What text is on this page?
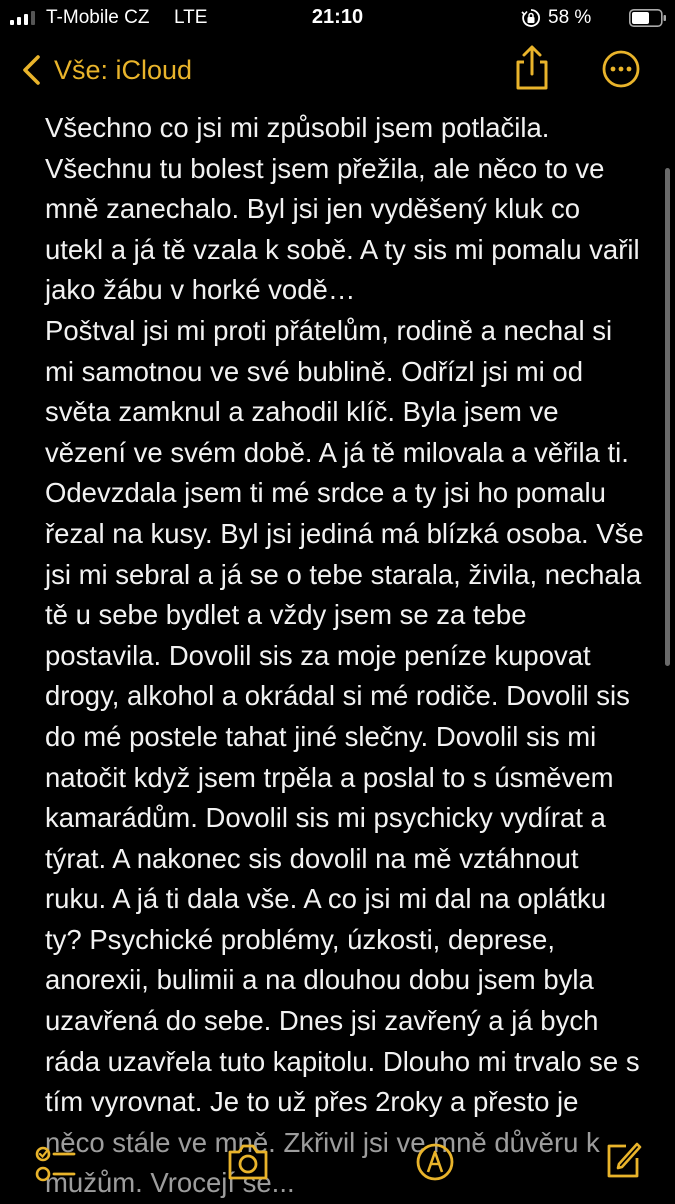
T-Mobile CZ LTE	21:10	58 %
Vše: iCloud
Všechno co jsi mi způsobil jsem potlačila. Všechnu tu bolest jsem přežila, ale něco to ve mně zanechalo. Byl jsi jen vyděšený kluk co utekl a já tě vzala k sobě. A ty sis mi pomalu vařil jako žábu v horké vodě…
Poštval jsi mi proti přátelům, rodině a nechal si mi samotnou ve své bublině. Odřízl jsi mi od světa zamknul a zahodil klíč. Byla jsem ve vězení ve svém době. A já tě milovala a věřila ti. Odevzdala jsem ti mé srdce a ty jsi ho pomalu řezal na kusy. Byl jsi jediná má blízká osoba. Vše jsi mi sebral a já se o tebe starala, živila, nechala tě u sebe bydlet a vždy jsem se za tebe postavila. Dovolil sis za moje peníze kupovat drogy, alkohol a okrádal si mé rodiče. Dovolil sis do mé postele tahat jiné slečny. Dovolil sis mi natočit když jsem trpěla a poslal to s úsměvem kamarádům. Dovolil sis mi psychicky vydírat a týrat. A nakonec sis dovolil na mě vztáhnout ruku. A já ti dala vše. A co jsi mi dal na oplátku ty? Psychické problémy, úzkosti, deprese, anorexii, bulimii a na dlouhou dobu jsem byla uzavřená do sebe. Dnes jsi zavřený a já bych ráda uzavřela tuto kapitolu. Dlouho mi trvalo se s tím vyrovnat. Je to už přes 2roky a přesto je něco stále ve mně. Zkřivil jsi ve mně důvěru k mužům. Vrocejí se...
